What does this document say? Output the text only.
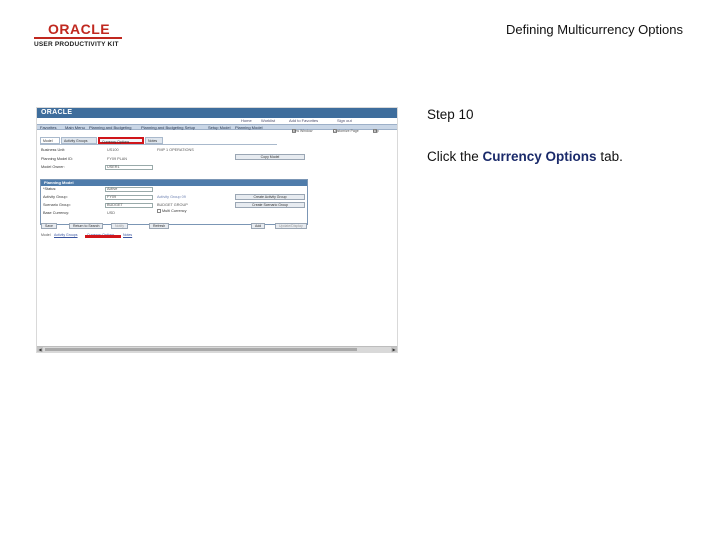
ORACLE
USER PRODUCTIVITY KIT
Defining Multicurrency Options
ORACLE
Home Worklist	Add to Favorites	Sign out
Favorites Main Menu Planning and Budgeting Planning and Budgeting Setup	Setup Model Planning Model
Model	Activity Groups	Currency Options	Notes
New Window	Customize Page	http
Business Unit:	US100	FMP 1 OPERATIONS
Copy Model
Planning Model ID:	FY09 PLAN
Model Owner:	USER1
Planning Model
*Status:	Active
Activity Group:	FY09	Activity Group 09	Create Activity Group
Scenario Group:	BUDGET	BUDGET GROUP	Create Scenario Group
Base Currency:	USD	Multi Currency
Save	Return to Search	Notify	Refresh	Add	Update/Display
Model Activity Groups	Notes
◀	▶
Step 10
Click the Currency Options tab.
